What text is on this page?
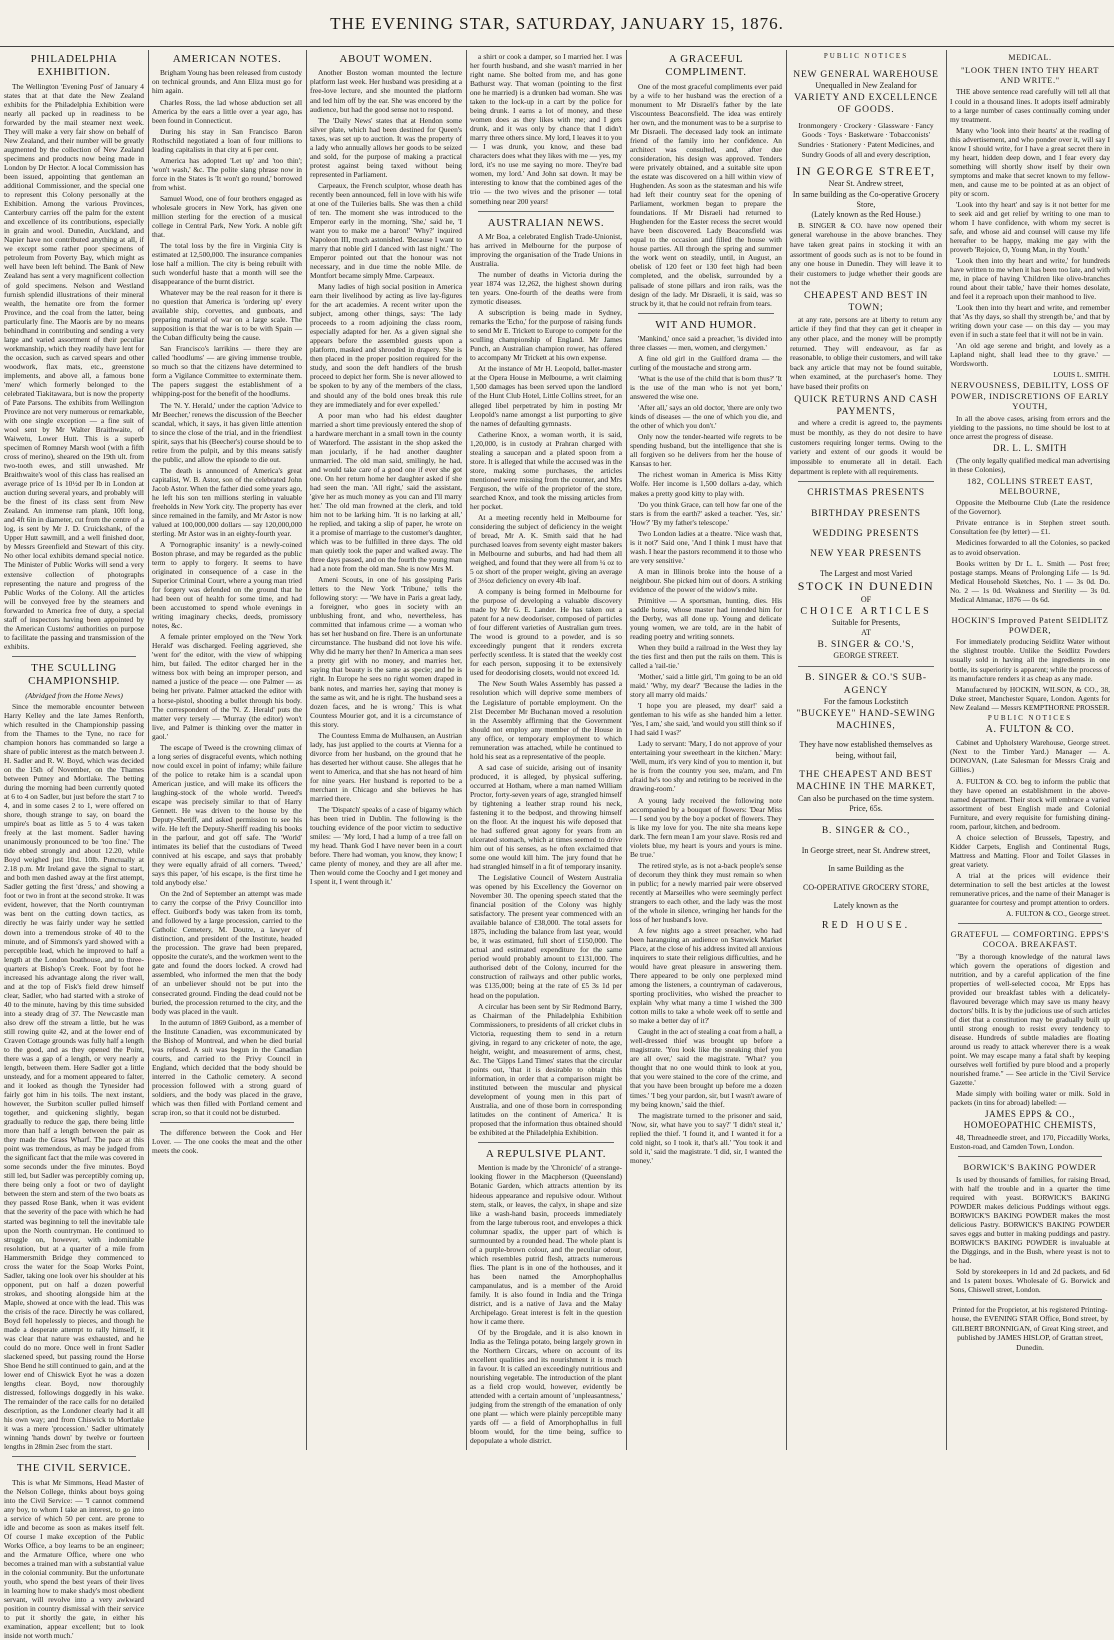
THE EVENING STAR, SATURDAY, JANUARY 15, 1876.
PHILADELPHIA EXHIBITION.

The Wellington 'Evening Post' of January 4 states that at that date the New Zealand exhibits for the Philadelphia Exhibition were nearly all packed up in readiness to be forwarded by the mail steamer next week. They will make a very fair show on behalf of New Zealand, and their number will be greatly augmented by the collection of New Zealand specimens and products now being made in London by Dr Hector. A local Commission has been issued, appointing that gentleman an additional Commissioner, and the special one to represent this Colony personally at the Exhibition. Among the various Provinces, Canterbury carries off the palm for the extent and excellence of its contributions, especially in grain and wool. Dunedin, Auckland, and Napier have not contributed anything at all, if we except some rather poor specimens of petroleum from Poverty Bay, which might as well have been left behind. The Bank of New Zealand has sent a very magnificent collection of gold specimens. Nelson and Westland furnish splendid illustrations of their mineral wealth, the hematite ore from the former Province, and the coal from the latter, being particularly fine. The Maoris are by no means behindhand in contributing and sending a very large and varied assortment of their peculiar workmanship, which they readily have lent for the occasion, such as carved spears and other woodwork, flax mats, etc., greenstone implements, and above all, a famous bone 'mere' which formerly belonged to the celebrated Tiakitawara, but is now the property of Pate Parsons. The exhibits from Wellington Province are not very numerous or remarkable, with one single exception — a fine suit of wool sent by Mr Walter Braithwaite, of Waiwetu, Lower Hutt. This is a superb specimen of Romney Marsh wool (with a fifth cross of merino), sheared on the 19th ult. from two-tooth ewes, and still unwashed. Mr Braithwaite's wool of this class has realised an average price of 1s 10½d per lb in London at auction during several years, and probably will be the finest of its class sent from New Zealand. An immense ram plank, 10ft long, and 4ft 6in in diameter, cut from the centre of a log, is sent by Mr J. D. Cruickshank, of the Upper Hutt sawmill, and a well finished door, by Messrs Greenfield and Stewart of this city. No other local exhibits demand special notice. The Minister of Public Works will send a very extensive collection of photographs representing the nature and progress of the Public Works of the Colony. All the articles will be conveyed free by the steamers and forwarded to America free of duty, a special staff of inspectors having been appointed by the American Customs' authorities on purpose to facilitate the passing and transmission of the exhibits.

THE SCULLING CHAMPIONSHIP.
(Abridged from the Home News)

Since the memorable encounter between Harry Kelley and the late James Renforth, which resulted in the Championship passing from the Thames to the Tyne, no race for champion honors has commanded so large a share of public interest as the match between J. H. Sadler and R. W. Boyd, which was decided on the 15th of November, on the Thames between Putney and Mortlake. The betting during the morning had been currently quoted at 6 to 4 on Sadler, but just before the start 7 to 4, and in some cases 2 to 1, were offered on shore, though strange to say, on board the umpire's boat as little as 5 to 4 was taken freely at the last moment. Sadler having unanimously pronounced to be 'too fine.' The tide ebbed strongly and about 12.20, while Boyd weighed just 10st. 10lb. Punctually at 2.18 p.m. Mr Ireland gave the signal to start, and both men dashed away at the first attempt, Sadler getting the first 'dress,' and showing a foot or two in front at the second stroke. It was evident, however, that the North countryman was bent on the cutting down tactics, as directly he was fairly under way he settled down into a tremendous stroke of 40 to the minute, and of Simmons's yard showed with a perceptible lead, which he improved to half a length at the London boathouse, and to three-quarters at Bishop's Creek. Foot by foot he increased his advantage along the river wall, and at the top of Fisk's field drew himself clear, Sadler, who had started with a stroke of 40 to the minute, having by this time subsided into a steady drag of 37. The Newcastle man also drew off the stream a little, but he was still rowing quite 42, and at the lower end of Craven Cottage grounds was fully half a length to the good, and as they opened the Point, there was a gap of a length, or very nearly a length, between them. Here Sadler got a little unsteady, and for a moment appeared to falter, and it looked as though the Tynesider had fairly got him in his toils. The next instant, however, the Surbiton sculler pulled himself together, and quickening slightly, began gradually to reduce the gap, there being little more than half a length between the pair as they made the Grass Wharf. The pace at this point was tremendous, as may be judged from the significant fact that the mile was covered in some seconds under the five minutes. Boyd still led, but Sadler was perceptibly coming up, there being only a foot or two of daylight between the stern and stern of the two boats as they passed Rose Bank, when it was evident that the severity of the pace with which he had started was beginning to tell the inevitable tale upon the North countryman. He continued to struggle on, however, with indomitable resolution, but at a quarter of a mile from Hammersmith Bridge they commenced to cross the water for the Soap Works Point, Sadler, taking one look over his shoulder at his opponent, put on half a dozen powerful strokes, and shooting alongside him at the Maple, showed at once with the lead. This was the crisis of the race. Directly he was collared, Boyd fell hopelessly to pieces, and though he made a desperate attempt to rally himself, it was clear that nature was exhausted, and he could do no more. Once well in front Sadler slackened speed, but passing round the Horse Shoe Bend he still continued to gain, and at the lower end of Chiswick Eyot he was a dozen lengths clear. Boyd, now thoroughly distressed, followings doggedly in his wake. The remainder of the race calls for no detailed description, as the Londoner clearly had it all his own way; and from Chiswick to Mortlake it was a mere 'procession.' Sadler ultimately winning 'hands down' by twelve or fourteen lengths in 28min 2sec from the start.

THE CIVIL SERVICE.

This is what Mr Simmons, Head Master of the Nelson College, thinks about boys going into the Civil Service: — 'I cannot commend any boy, to whom I take an interest, to go into a service of which 50 per cent. are prone to idle and become as soon as makes itself felt. Of course I make exception of the Public Works Office, a boy learns to be an engineer; and the Armature Office, where one who becomes a trained man with a substantial value in the colonial community. But the unfortunate youth, who spend the best years of their lives in learning how to make shady's most obedient servant, will revolve into a very awkward position in country dismissal with their service to put it shortly the gate, in either his examination, appear excellent; but to look inside not worth much.'

AMERICAN NOTES.

Brigham Young has been released from custody on technical grounds, and Ann Eliza must go for him again.

Charles Ross, the lad whose abduction set all America by the ears a little over a year ago, has been found in Connecticut.

During his stay in San Francisco Baron Rothschild negotiated a loan of four millions to leading capitalists in that city at 6 per cent.

America has adopted 'Let up' and 'too thin'; 'won't wash,' &c. The polite slang phrase now in force in the States is 'It won't go round,' borrowed from whist.

Samuel Wood, one of four brothers engaged as wholesale grocers in New York, has given one million sterling for the erection of a musical college in Central Park, New York. A noble gift that.

The total loss by the fire in Virginia City is estimated at 12,500,000. The insurance companies lose half a million. The city is being rebuilt with such wonderful haste that a month will see the disappearance of the burnt district.

Whatever may be the real reason for it there is no question that America is 'ordering up' every available ship, corvettes, and gunboats, and preparing material of war on a large scale. The supposition is that the war is to be with Spain — the Cuban difficulty being the cause.

San Francisco's larrikins — there they are called 'hoodlums' — are giving immense trouble, so much so that the citizens have determined to form a Vigilance Committee to exterminate them. The papers suggest the establishment of a whipping-post for the benefit of the hoodlums.

The 'N. Y. Herald,' under the caption 'Advice to Mr Beecher,' renews the discussion of the Beecher scandal, which, it says, it has given little attention to since the close of the trial, and in the friendliest spirit, says that his (Beecher's) course should be to retire from the pulpit, and by this means satisfy the public, and allow the episode to die out.

The death is announced of America's great capitalist, W. B. Astor, son of the celebrated John Jacob Astor. When the father died some years ago, he left his son ten millions sterling in valuable freeholds in New York city. The property has ever since remained in the family, and Mr Astor is now valued at 100,000,000 dollars — say 120,000,000 sterling. Mr Astor was in an eighty-fourth year.

A 'Pornographic insanity' is a newly-coined Boston phrase, and may be regarded as the public term to apply to forgery. It seems to have originated in consequence of a case in the Superior Criminal Court, where a young man tried for forgery was defended on the ground that he had been out of health for some time, and had been accustomed to spend whole evenings in writing imaginary checks, deeds, promissory notes, &c.

A female printer employed on the 'New York Herald' was discharged. Feeling aggrieved, she 'went for' the editor, with the view of whipping him, but failed. The editor charged her in the witness box with being an improper person, and named a justice of the peace — one Palmer — as being her private. Palmer attacked the editor with a horse-pistol, shooting a bullet through his body. The correspondent of the 'N. Z. Herald' puts the matter very tersely — 'Murray (the editor) won't live, and Palmer is thinking over the matter in gaol.'

The escape of Tweed is the crowning climax of a long series of disgraceful events, which nothing now could excel in point of infamy; while failure of the police to retake him is a scandal upon American justice, and will make its officers the laughing-stock of the whole world. Tweed's escape was precisely similar to that of Harry Gennett. He was driven to the house by the Deputy-Sheriff, and asked permission to see his wife. He left the Deputy-Sheriff reading his books in the parlour, and got off safe. The 'World' intimates its belief that the custodians of Tweed connived at his escape, and says that probably they were equally afraid of all corners. 'Tweed,' says this paper, 'of his escape, is the first time he told anybody else.'

On the 2nd of September an attempt was made to carry the corpse of the Privy Councillor into effect. Guibord's body was taken from its tomb, and followed by a large procession, carried to the Catholic Cemetery, M. Doutre, a lawyer of distinction, and president of the Institute, headed the procession. The grave had been prepared, opposite the curate's, and the workmen went to the gate and found the doors locked. A crowd had assembled, who informed the men that the body of an unbeliever should not be put into the consecrated ground. Finding the dead could not be buried, the procession returned to the city, and the body was placed in the vault.

In the autumn of 1869 Guibord, as a member of the Institute Canadien, was excommunicated by the Bishop of Montreal, and when he died burial was refused. A suit was begun in the Canadian courts, and carried to the Privy Council in England, which decided that the body should be interred in the Catholic cemetery. A second procession followed with a strong guard of soldiers, and the body was placed in the grave, which was then filled with Portland cement and scrap iron, so that it could not be disturbed.

The difference between the Cook and Her Lover. — The one cooks the meat and the other meets the cook.

ABOUT WOMEN.

Another Boston woman mounted the lecture platform last week. Her husband was presiding at a free-love lecture, and she mounted the platform and led him off by the ear. She was encored by the audience, but had the good sense not to respond.

The 'Daily News' states that at Hendon some silver plate, which had been destined for Queen's taxes, was set up to auction. It was the property of a lady who annually allows her goods to be seized and sold, for the purpose of making a practical protest against being taxed without being represented in Parliament.

Carpeaux, the French sculptor, whose death has recently been announced, fell in love with his wife at one of the Tuileries balls. She was then a child of ten. The moment she was introduced to the Emperor early in the morning, 'She,' said he, 'I want you to make me a baron!' 'Why?' inquired Napoleon III, much astonished. 'Because I want to marry that noble girl I danced with last night.' The Emperor pointed out that the honour was not necessary, and in due time the noble Mlle. de Montfort became simply Mme. Carpeaux.

Many ladies of high social position in America earn their livelihood by acting as live lay-figures for the art academies. A recent writer upon the subject, among other things, says: 'The lady proceeds to a room adjoining the class room, especially adapted for her. As a given signal she appears before the assembled guests upon a platform, masked and shrouded in drapery. She is then placed in the proper position required for the study, and soon the deft handlers of the brush proceed to depict her form. She is never allowed to be spoken to by any of the members of the class, and should any of the bold ones break this rule they are immediately and for ever expelled.'

A poor man who had his eldest daughter married a short time previously entered the shop of a hardware merchant in a small town in the county of Waterford. The assistant in the shop asked the man jocularly, if he had another daughter unmarried. The old man said, smilingly, he had, and would take care of a good one if ever she got one. On her return home her daughter asked if she had seen the man. 'All right,' said the assistant, 'give her as much money as you can and I'll marry her.' The old man frowned at the clerk, and told him not to be larking him. 'It is no larking at all,' he replied, and taking a slip of paper, he wrote on it a promise of marriage to the customer's daughter, which was to be fulfilled in three days. The old man quietly took the paper and walked away. The three days passed, and on the fourth the young man had a note from the old man. She is now Mrs M.

Ameni Scouts, in one of his gossiping Paris letters to the New York 'Tribune,' tells the following story: — 'We have in Paris a great lady, a foreigner, who goes in society with an unblushing front, and who, nevertheless, has committed that infamous crime — a woman who has set her husband on fire. There is an unfortunate circumstance. The husband did not love his wife. Why did he marry her then? In America a man sees a pretty girl with no money, and marries her, saying that beauty is the same as specie; and he is right. In Europe he sees no right women draped in bank notes, and marries her, saying that money is the same as wit, and he is right. The husband sees a dozen faces, and he is wrong.' This is what Countess Mourier got, and it is a circumstance of this story.

The Countess Emma de Mulhausen, an Austrian lady, has just applied to the courts at Vienna for a divorce from her husband, on the ground that he has deserted her without cause. She alleges that he went to America, and that she has not heard of him for nine years. Her husband is reported to be a merchant in Chicago and she believes he has married there.

The 'Dispatch' speaks of a case of bigamy which has been tried in Dublin. The following is the touching evidence of the poor victim to seductive smiles: — 'My lord, I had a lump of a tree fall on my head. Thank God I have never been in a court before. There had woman, you know, they know; I came plenty of money, and they are all after me. Then would come the Coochy and I get money and I spent it, I went through it.'

a shirt or cook a damper, so I married her. I was her fourth husband, and she wasn't married in her right name. She bolted from me, and has gone Bathurst way. That woman (pointing to the first one he married) is a drunken bad woman. She was taken to the lock-up in a cart by the police for being drunk. I earns a lot of money, and these women does as they likes with me; and I gets drunk, and it was only by chance that I didn't marry three others since. My lord, I leaves it to you — I was drunk, you know, and these bad characters does what they likes with me — yes, my lord, it's no use me saying no more. They're bad women, my lord.' And John sat down. It may be interesting to know that the combined ages of the trio — the two wives and the prisoner — total something near 200 years!

AUSTRALIAN NEWS.

A Mr Boa, a celebrated English Trade-Unionist, has arrived in Melbourne for the purpose of improving the organisation of the Trade Unions in Australia.

The number of deaths in Victoria during the year 1874 was 12,262, the highest shown during ten years. One-fourth of the deaths were from zymotic diseases.

A subscription is being made in Sydney, remarks the 'Echo,' for the purpose of raising funds to send Mr E. Trickett to Europe to compete for the sculling championship of England. Mr James Punch, an Australian champion rower, has offered to accompany Mr Trickett at his own expense.

At the instance of Mr H. Leopold, ballet-master at the Opera House in Melbourne, a writ claiming 1,500 damages has been served upon the landlord of the Hunt Club Hotel, Little Collins street, for an alleged libel perpetrated by him in posting Mr Leopold's name amongst a list purporting to give the names of defaulting gymnasts.

Catherine Knox, a woman worth, it is said, 1,20,000, is in custody at Prahran charged with stealing a saucepan and a plated spoon from a store. It is alleged that while the accused was in the store, making some purchases, the articles mentioned were missing from the counter, and Mrs Ferguson, the wife of the proprietor of the store, searched Knox, and took the missing articles from her pocket.

At a meeting recently held in Melbourne for considering the subject of deficiency in the weight of bread, Mr A. K. Smith said that he had purchased loaves from seventy eight master bakers in Melbourne and suburbs, and had had them all weighed, and found that they were all from ¼ oz to 5 oz short of the proper weight, giving an average of 3½oz deficiency on every 4lb loaf.

A company is being formed in Melbourne for the purpose of developing a valuable discovery made by Mr G. E. Lander. He has taken out a patent for a new deodoriser, composed of particles of four different varieties of Australian gum trees. The wood is ground to a powder, and is so exceedingly pungent that it renders excreta perfectly scentless. It is stated that the weekly cost for each person, supposing it to be extensively used for deodorising closets, would not exceed 1d.

The New South Wales Assembly has passed a resolution which will deprive some members of the Legislature of portable employment. On the 21st December Mr Buchanan moved a resolution in the Assembly affirming that the Government should not employ any member of the House in any office, or temporary employment to which remuneration was attached, while he continued to hold his seat as a representative of the people.

A sad case of suicide, arising out of insanity produced, it is alleged, by physical suffering, occurred at Hotham, where a man named William Proctor, forty-seven years of age, strangled himself by tightening a leather strap round his neck, fastening it to the bedpost, and throwing himself on the floor. At the inquest his wife deposed that he had suffered great agony for years from an ulcerated stomach, which at times seemed to drive him out of his senses, as he often exclaimed that some one would kill him. The jury found that he had strangled himself in a fit of temporary insanity.

The Legislative Council of Western Australia was opened by his Excellency the Governor on November 30. The opening speech stated that the financial position of the Colony was highly satisfactory. The present year commenced with an available balance of £38,000. The total assets for 1875, including the balance from last year, would be, it was estimated, full short of £150,000. The actual and estimated expenditure for the same period would probably amount to £131,000. The authorised debt of the Colony, incurred for the construction of railways and other public works, was £135,000; being at the rate of £5 3s 1d per head on the population.

A circular has been sent by Sir Redmond Barry, as Chairman of the Philadelphia Exhibition Commissioners, to presidents of all cricket clubs in Victoria, requesting them to send in a return giving, in regard to any cricketer of note, the age, height, weight, and measurement of arms, chest, &c. The 'Gipps Land Times' states that the circular points out, 'that it is desirable to obtain this information, in order that a comparison might be instituted between the muscular and physical development of young men in this part of Australia, and one of those born in corresponding latitudes on the continent of America.' It is proposed that the information thus obtained should be exhibited at the Philadelphia Exhibition.

A REPULSIVE PLANT.

Mention is made by the 'Chronicle' of a strange-looking flower in the Macpherson (Queensland) Botanic Garden, which attracts attention by its hideous appearance and repulsive odour. Without stem, stalk, or leaves, the calyx, in shape and size like a wash-hand basin, proceeds immediately from the large tuberous root, and envelopes a thick columnar spadix, the upper part of which is surmounted by a rounded head. The whole plant is of a purple-brown colour, and the peculiar odour, which resembles putrid flesh, attracts numerous flies. The plant is in one of the hothouses, and it has been named the Amorphophallus campanulatus, and is a member of the Aroid family. It is also found in India and the Tringa district, and is a native of Java and the Malay Archipelago. Great interest is felt in the question how it came there.

Of by the Brogdale, and it is also known in India as the Telinga potato, being largely grown in the Northern Circars, where on account of its excellent qualities and its nourishment it is much in favour. It is called an exceedingly nutritious and nourishing vegetable. The introduction of the plant as a field crop would, however, evidently be attended with a certain amount of 'unpleasantness,' judging from the strength of the emanation of only one plant — which were plainly perceptible many yards off — a field of Amorphophallus in full bloom would, for the time being, suffice to depopulate a whole district.

A GRACEFUL COMPLIMENT.

One of the most graceful compliments ever paid by a wife to her husband was the erection of a monument to Mr Disraeli's father by the late Viscountess Beaconsfield. The idea was entirely her own, and the monument was to be a surprise to Mr Disraeli. The deceased lady took an intimate friend of the family into her confidence. An architect was consulted, and, after due consideration, his design was approved. Tenders were privately obtained, and a suitable site upon the estate was discovered on a hill within view of Hughenden. As soon as the statesman and his wife had left their country seat for the opening of Parliament, workmen began to prepare the foundations. If Mr Disraeli had returned to Hughenden for the Easter recess the secret would have been discovered. Lady Beaconsfield was equal to the occasion and filled the house with house parties. All through the spring and summer the work went on steadily, until, in August, an obelisk of 120 feet or 130 feet high had been completed, and the obelisk, surrounded by a palisade of stone pillars and iron rails, was the design of the lady. Mr Disraeli, it is said, was so struck by it, that he could not refrain from tears.

WIT AND HUMOR.

'Mankind,' once said a preacher, 'is divided into three classes — men, women, and clergymen.'

A fine old girl in the Guilford drama — the curling of the moustache and strong arm.

'What is the use of the child that is born thus?' 'It is the use of the man who is not yet born,' answered the wise one.

'After all,' says an old doctor, 'there are only two kinds of diseases — the one of which you die, and the other of which you don't.'

Only now the tender-hearted wife regrets to be spending husband, but the intelligence that she is all forgiven so he delivers from her the house of Kansas to her.

The richest woman in America is Miss Kitty Wolfe. Her income is 1,500 dollars a-day, which makes a pretty good kitty to play with.

'Do you think Grace, can tell how far one of the stars is from the earth?' asked a teacher. 'Yes, sir.' 'How?' 'By my father's telescope.'

Two London ladies at a theatre. 'Nice wash that, is it not?' Said one, 'And I think I must have that wash. I hear the pastors recommend it to those who are very sensitive.'

A man in Illinois broke into the house of a neighbour. She picked him out of doors. A striking evidence of the power of the widow's mite.

Primitive — A sportsman, hunting, dies. His saddle horse, whose master had intended him for the Derby, was all done up. Young and delicate young women, we are told, are in the habit of reading poetry and writing sonnets.

When they build a railroad in the West they lay the ties first and then put the rails on them. This is called a 'rail-tie.'

'Mother,' said a little girl, 'I'm going to be an old maid.' 'Why, my dear?' 'Because the ladies in the story all marry old maids.'

'I hope you are pleased, my dear!' said a gentleman to his wife as she handed him a letter. 'Yes, I am,' she said, 'and would you still think so if I had said I was?'

Lady to servant: 'Mary, I do not approve of your entertaining your sweetheart in the kitchen.' Mary: 'Well, mum, it's very kind of you to mention it, but he is from the country you see, ma'am, and I'm afraid he's too shy and retiring to be received in the drawing-room.'

A young lady received the following note accompanied by a bouquet of flowers: 'Dear Miss — I send you by the boy a pocket of flowers. They is like my love for you. The nite sha means kepe dark. The fern mean I am your slave. Rosis red and violets blue, my heart is yours and yours is mine. Be true.'

The retired style, as is not a-back people's sense of decorum they think they must remain so when in public; for a newly married pair were observed recently at Marseilles who were seemingly perfect strangers to each other, and the lady was the most of the whole in silence, wringing her hands for the loss of her husband's love.

A few nights ago a street preacher, who had been haranguing an audience on Stanwick Market Place, at the close of his address invited all anxious inquirers to state their religious difficulties, and he would have great pleasure in answering them. There appeared to be only one perplexed mind among the listeners, a countryman of cadaverous, sporting proclivities, who wished the preacher to explain 'why what many a time I wished the 300 cotton mills to take a whole week off to settle and so make a better day of it?'

Caught in the act of stealing a coat from a hall, a well-dressed thief was brought up before a magistrate. 'You look like the sneaking thief you are all over,' said the magistrate. 'What? you thought that no one would think to look at you, that you were stained to the core of the crime, and that you have been brought up before me a dozen times.' 'I beg your pardon, sir, but I wasn't aware of my being known,' said the thief.

The magistrate turned to the prisoner and said, 'Now, sir, what have you to say?' 'I didn't steal it,' replied the thief. 'I found it, and I wanted it for a cold night, so I took it, that's all.' 'You took it and sold it,' said the magistrate. 'I did, sir, I wanted the money.'

PUBLIC NOTICES
NEW GENERAL WAREHOUSE
Unequalled in New Zealand for
VARIETY AND EXCELLENCE OF GOODS.
Ironmongery · Crockery · Glassware · Fancy Goods · Toys · Basketware · Tobacconists' Sundries · Stationery · Patent Medicines, and Sundry Goods of all and every description,
IN GEORGE STREET,
Near St. Andrew street,
In same building as the Co-operative Grocery Store,
(Lately known as the Red House.)

B. SINGER & CO. have now opened their general warehouse in the above branches. They have taken great pains in stocking it with an assortment of goods such as is not to be found in any one house in Dunedin. They will leave it to their customers to judge whether their goods are not the

CHEAPEST AND BEST IN TOWN;

at any rate, persons are at liberty to return any article if they find that they can get it cheaper in any other place, and the money will be promptly returned. They will endeavour, as far as reasonable, to oblige their customers, and will take back any article that may not be found suitable, when examined, at the purchaser's home. They have based their profits on

QUICK RETURNS AND CASH PAYMENTS,

and where a credit is agreed to, the payments must be monthly, as they do not desire to have customers requiring longer terms. Owing to the variety and extent of our goods it would be impossible to enumerate all in detail. Each department is replete with all requirements.

CHRISTMAS PRESENTS
BIRTHDAY PRESENTS
WEDDING PRESENTS
NEW YEAR PRESENTS
The Largest and most Varied
STOCK IN DUNEDIN
OF
CHOICE ARTICLES
Suitable for Presents,
AT
B. SINGER & CO.'S,
GEORGE STREET.
B. SINGER & CO.'S SUB-AGENCY
For the famous Lockstitch
"BUCKEYE" HAND-SEWING MACHINES,
They have now established themselves as being, without fail,
THE CHEAPEST AND BEST MACHINE IN THE MARKET,
Can also be purchased on the time system.
Price, 65s.
B. SINGER & CO.,
In George street, near St. Andrew street,
In same Building as the
CO-OPERATIVE GROCERY STORE,
Lately known as the
RED HOUSE.
MEDICAL.
"LOOK THEN INTO THY HEART AND WRITE."

THE above sentence read carefully will tell all that I could in a thousand lines. It adopts itself admirably to a large number of cases continually coming under my treatment.

Many who 'look into their hearts' at the reading of this advertisement, and who ponder over it, will say I know I should write, for I have a great secret there in my heart, hidden deep down, and I fear every day something will shortly show itself by their own symptoms and make that secret known to my fellow-men, and cause me to be pointed at as an object of pity or scorn.

'Look into thy heart' and say is it not better for me to seek aid and get relief by writing to one man to whom I have confidence, with whom my secret is safe, and whose aid and counsel will cause my life hereafter to be happy, making me gay with the proverb 'Rejoice, O, Young Man, in thy Youth.'

'Look then into thy heart and write,' for hundreds have written to me when it has been too late, and with me, in place of having 'Children like olive-branches round about their table,' have their homes desolate, and feel it a reproach upon their manhood to live.

'Look then into thy heart and write, and remember that 'As thy days, so shall thy strength be,' and that by writing down your case — on this day — you may even if in such a state feel that it will not be in vain.

'An old age serene and bright, and lovely as a Lapland night, shall lead thee to thy grave.' — Wordsworth.

LOUIS L. SMITH.
NERVOUSNESS, DEBILITY, LOSS OF POWER, INDISCRETIONS OF EARLY YOUTH,

In all the above cases, arising from errors and the yielding to the passions, no time should be lost to at once arrest the progress of disease.

DR. L. L. SMITH

(The only legally qualified medical man advertising in these Colonies),

182, COLLINS STREET EAST, MELBOURNE,

Opposite the Melbourne Club (Late the residence of the Governor).

Private entrance is in Stephen street south. Consultation fee (by letter) — £1.

Medicines forwarded to all the Colonies, so packed as to avoid observation.

Books written by Dr L. L. Smith — Post free; postage stamps. Means of Prolonging Life — 1s 9d. Medical Household Sketches, No. 1 — 3s 0d. Do. No. 2 — 1s 0d. Weakness and Sterility — 3s 0d. Medical Almanac, 1876 — 0s 6d.

HOCKIN'S Improved Patent SEIDLITZ POWDER,

For immediately producing Seidlitz Water without the slightest trouble. Unlike the Seidlitz Powders usually sold in having all the ingredients in one bottle, its superiority is apparent; while the process of its manufacture renders it as cheap as any made.

Manufactured by HOCKIN, WILSON, & CO., 38, Duke street, Manchester Square, London. Agents for New Zealand — Messrs KEMPTHORNE PROSSER.

PUBLIC NOTICES
A. FULTON & CO.

Cabinet and Upholstery Warehouse, George street. (Next to the Timber Yard.) Manager — A. DONOVAN, (Late Salesman for Messrs Craig and Gillies.)

A. FULTON & CO. beg to inform the public that they have opened an establishment in the above-named department. Their stock will embrace a varied assortment of best English made and Colonial Furniture, and every requisite for furnishing dining-room, parlour, kitchen, and bedroom.

A choice selection of Brussels, Tapestry, and Kidder Carpets, English and Continental Rugs, Mattress and Matting. Floor and Toilet Glasses in great variety.

A trial at the prices will evidence their determination to sell the best articles at the lowest remunerative prices, and the name of their Manager is guarantee for courtesy and prompt attention to orders.

A. FULTON & CO., George street.
GRATEFUL — COMFORTING. EPPS'S COCOA. BREAKFAST.

"By a thorough knowledge of the natural laws which govern the operations of digestion and nutrition, and by a careful application of the fine properties of well-selected cocoa, Mr Epps has provided our breakfast tables with a delicately-flavoured beverage which may save us many heavy doctors' bills. It is by the judicious use of such articles of diet that a constitution may be gradually built up until strong enough to resist every tendency to disease. Hundreds of subtle maladies are floating around us ready to attack wherever there is a weak point. We may escape many a fatal shaft by keeping ourselves well fortified by pure blood and a properly nourished frame." — See article in the 'Civil Service Gazette.'

Made simply with boiling water or milk. Sold in packets (in tins for abroad) labelled: —

JAMES EPPS & CO., HOMOEOPATHIC CHEMISTS,

48, Threadneedle street, and 170, Piccadilly Works, Euston-road, and Camden Town, London.

BORWICK'S BAKING POWDER

Is used by thousands of families, for raising Bread, with half the trouble and in a quarter the time required with yeast. BORWICK'S BAKING POWDER makes delicious Puddings without eggs. BORWICK'S BAKING POWDER makes the most delicious Pastry. BORWICK'S BAKING POWDER saves eggs and butter in making puddings and pastry. BORWICK'S BAKING POWDER is invaluable at the Diggings, and in the Bush, where yeast is not to be had.

Sold by storekeepers in 1d and 2d packets, and 6d and 1s patent boxes. Wholesale of G. Borwick and Sons, Chiswell street, London.

Printed for the Proprietor, at his registered Printing-house, the EVENING STAR Office, Bond street, by GILBERT BRONNIGAN, of Great King street, and published by JAMES HISLOP, of Grattan street, Dunedin.
